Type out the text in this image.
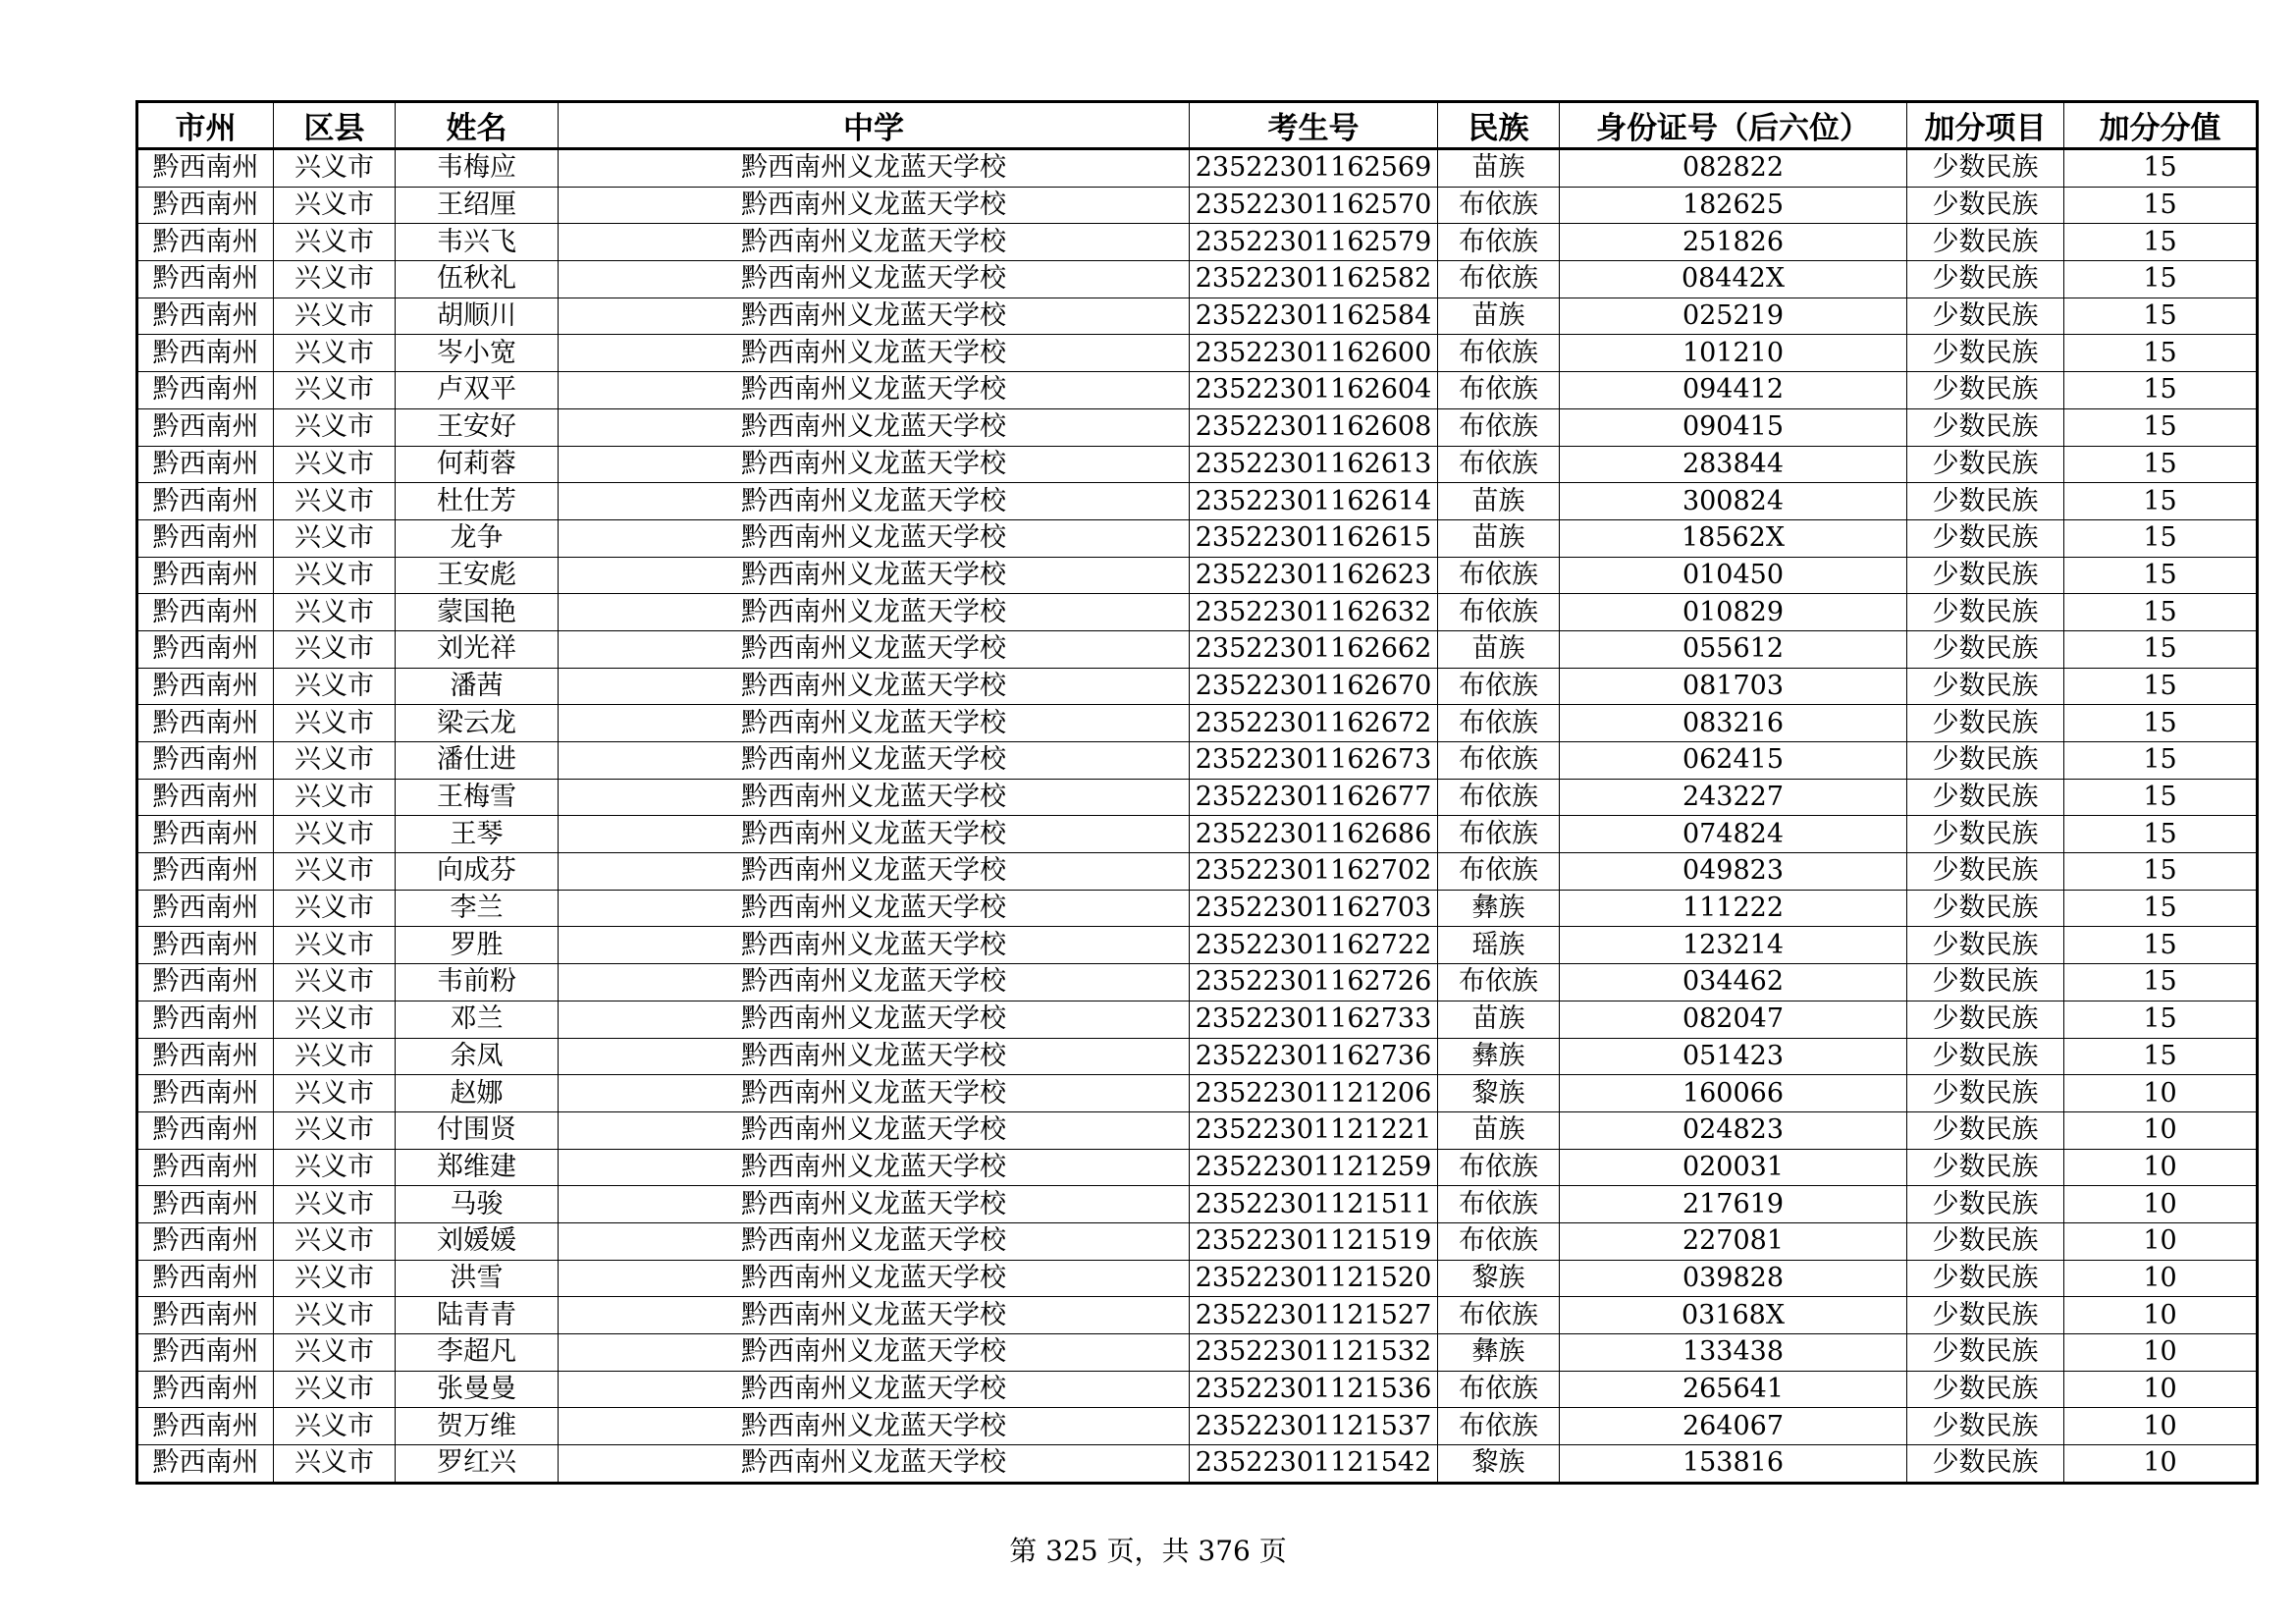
市州	区县	姓名	中学	考生号	民族	身份证号（后六位）	加分项目	加分分值
黔西南州	兴义市	韦梅应	黔西南州义龙蓝天学校	23522301162569	苗族	082822	少数民族	15
黔西南州	兴义市	王绍厘	黔西南州义龙蓝天学校	23522301162570	布依族	182625	少数民族	15
黔西南州	兴义市	韦兴飞	黔西南州义龙蓝天学校	23522301162579	布依族	251826	少数民族	15
黔西南州	兴义市	伍秋礼	黔西南州义龙蓝天学校	23522301162582	布依族	08442X	少数民族	15
黔西南州	兴义市	胡顺川	黔西南州义龙蓝天学校	23522301162584	苗族	025219	少数民族	15
黔西南州	兴义市	岑小宽	黔西南州义龙蓝天学校	23522301162600	布依族	101210	少数民族	15
黔西南州	兴义市	卢双平	黔西南州义龙蓝天学校	23522301162604	布依族	094412	少数民族	15
黔西南州	兴义市	王安好	黔西南州义龙蓝天学校	23522301162608	布依族	090415	少数民族	15
黔西南州	兴义市	何莉蓉	黔西南州义龙蓝天学校	23522301162613	布依族	283844	少数民族	15
黔西南州	兴义市	杜仕芳	黔西南州义龙蓝天学校	23522301162614	苗族	300824	少数民族	15
黔西南州	兴义市	龙争	黔西南州义龙蓝天学校	23522301162615	苗族	18562X	少数民族	15
黔西南州	兴义市	王安彪	黔西南州义龙蓝天学校	23522301162623	布依族	010450	少数民族	15
黔西南州	兴义市	蒙国艳	黔西南州义龙蓝天学校	23522301162632	布依族	010829	少数民族	15
黔西南州	兴义市	刘光祥	黔西南州义龙蓝天学校	23522301162662	苗族	055612	少数民族	15
黔西南州	兴义市	潘茜	黔西南州义龙蓝天学校	23522301162670	布依族	081703	少数民族	15
黔西南州	兴义市	梁云龙	黔西南州义龙蓝天学校	23522301162672	布依族	083216	少数民族	15
黔西南州	兴义市	潘仕进	黔西南州义龙蓝天学校	23522301162673	布依族	062415	少数民族	15
黔西南州	兴义市	王梅雪	黔西南州义龙蓝天学校	23522301162677	布依族	243227	少数民族	15
黔西南州	兴义市	王琴	黔西南州义龙蓝天学校	23522301162686	布依族	074824	少数民族	15
黔西南州	兴义市	向成芬	黔西南州义龙蓝天学校	23522301162702	布依族	049823	少数民族	15
黔西南州	兴义市	李兰	黔西南州义龙蓝天学校	23522301162703	彝族	111222	少数民族	15
黔西南州	兴义市	罗胜	黔西南州义龙蓝天学校	23522301162722	瑶族	123214	少数民族	15
黔西南州	兴义市	韦前粉	黔西南州义龙蓝天学校	23522301162726	布依族	034462	少数民族	15
黔西南州	兴义市	邓兰	黔西南州义龙蓝天学校	23522301162733	苗族	082047	少数民族	15
黔西南州	兴义市	余凤	黔西南州义龙蓝天学校	23522301162736	彝族	051423	少数民族	15
黔西南州	兴义市	赵娜	黔西南州义龙蓝天学校	23522301121206	黎族	160066	少数民族	10
黔西南州	兴义市	付围贤	黔西南州义龙蓝天学校	23522301121221	苗族	024823	少数民族	10
黔西南州	兴义市	郑维建	黔西南州义龙蓝天学校	23522301121259	布依族	020031	少数民族	10
黔西南州	兴义市	马骏	黔西南州义龙蓝天学校	23522301121511	布依族	217619	少数民族	10
黔西南州	兴义市	刘媛媛	黔西南州义龙蓝天学校	23522301121519	布依族	227081	少数民族	10
黔西南州	兴义市	洪雪	黔西南州义龙蓝天学校	23522301121520	黎族	039828	少数民族	10
黔西南州	兴义市	陆青青	黔西南州义龙蓝天学校	23522301121527	布依族	03168X	少数民族	10
黔西南州	兴义市	李超凡	黔西南州义龙蓝天学校	23522301121532	彝族	133438	少数民族	10
黔西南州	兴义市	张曼曼	黔西南州义龙蓝天学校	23522301121536	布依族	265641	少数民族	10
黔西南州	兴义市	贺万维	黔西南州义龙蓝天学校	23522301121537	布依族	264067	少数民族	10
黔西南州	兴义市	罗红兴	黔西南州义龙蓝天学校	23522301121542	黎族	153816	少数民族	10
第 325 页，共 376 页
